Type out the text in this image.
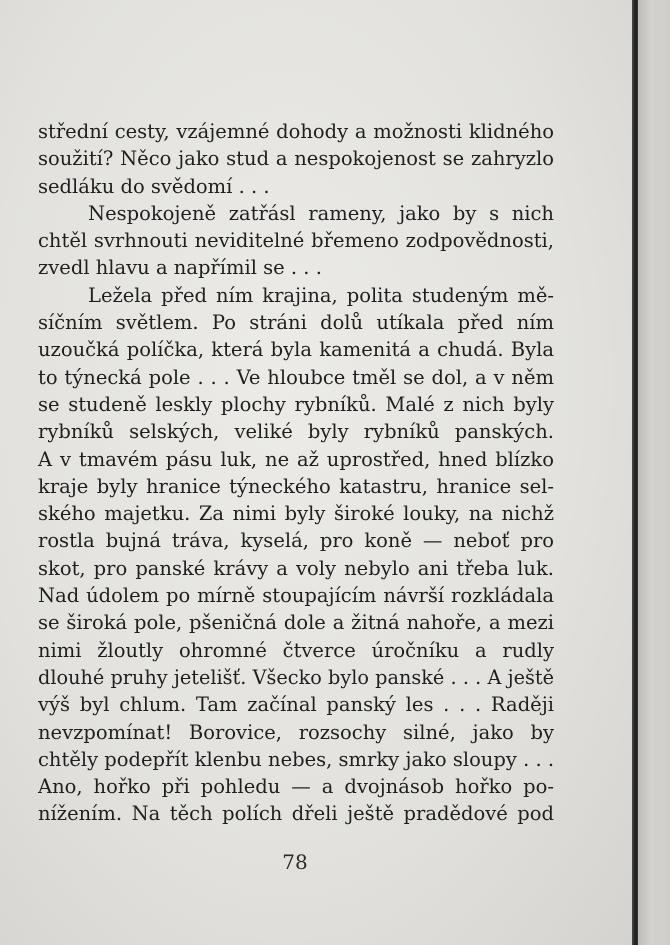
střední cesty, vzájemné dohody a možnosti klidného
soužití? Něco jako stud a nespokojenost se zahryzlo
sedláku do svědomí . . .
Nespokojeně zatřásl rameny, jako by s nich
chtěl svrhnouti neviditelné břemeno zodpovědnosti,
zvedl hlavu a napřímil se . . .
Ležela před ním krajina, polita studeným mě-
síčním světlem. Po stráni dolů utíkala před ním
uzoučká políčka, která byla kamenitá a chudá. Byla
to týnecká pole . . . Ve hloubce tměl se dol, a v něm
se studeně leskly plochy rybníků. Malé z nich byly
rybníků selských, veliké byly rybníků panských.
A v tmavém pásu luk, ne až uprostřed, hned blízko
kraje byly hranice týneckého katastru, hranice sel-
ského majetku. Za nimi byly široké louky, na nichž
rostla bujná tráva, kyselá, pro koně — neboť pro
skot, pro panské krávy a voly nebylo ani třeba luk.
Nad údolem po mírně stoupajícím návrší rozkládala
se široká pole, pšeničná dole a žitná nahoře, a mezi
nimi žloutly ohromné čtverce úročníku a rudly
dlouhé pruhy jetelišť. Všecko bylo panské . . . A ještě
výš byl chlum. Tam začínal panský les . . . Raději
nevzpomínat! Borovice, rozsochy silné, jako by
chtěly podepřít klenbu nebes, smrky jako sloupy . . .
Ano, hořko při pohledu — a dvojnásob hořko po-
nížením. Na těch polích dřeli ještě pradědové pod
78
